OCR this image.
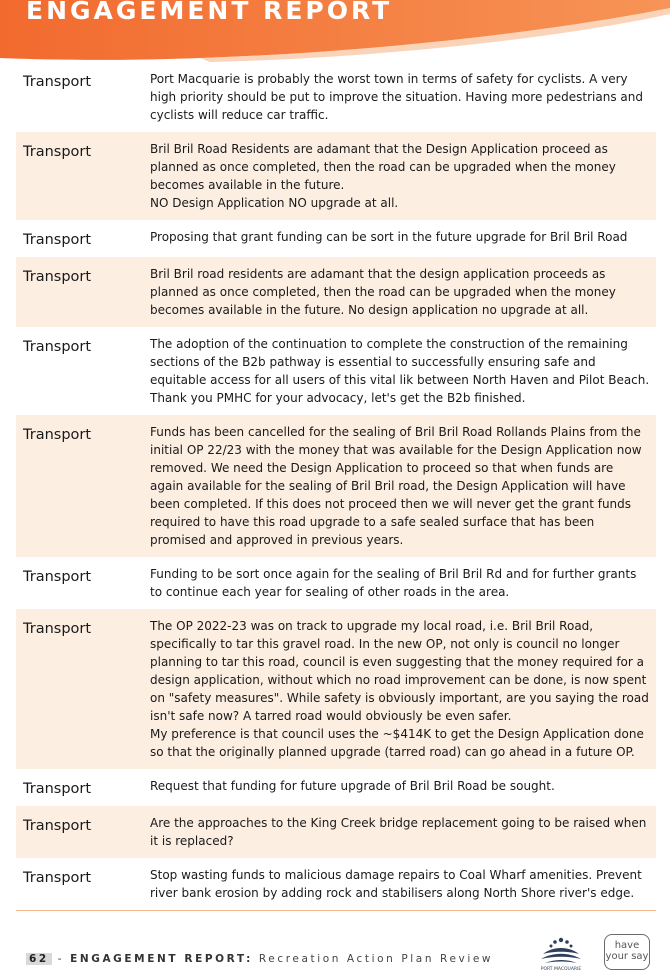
ENGAGEMENT REPORT
Transport	Port Macquarie is probably the worst town in terms of safety for cyclists. A very high priority should be put to improve the situation. Having more pedestrians and cyclists will reduce car traffic.

Transport	Bril Bril Road Residents are adamant that the Design Application proceed as planned as once completed, then the road can be upgraded when the money becomes available in the future.

NO Design Application NO upgrade at all.

Transport	Proposing that grant funding can be sort in the future upgrade for Bril Bril Road

Transport	Bril Bril road residents are adamant that the design application proceeds as planned as once completed, then the road can be upgraded when the money becomes available in the future. No design application no upgrade at all.

Transport	The adoption of the continuation to complete the construction of the remaining sections of the B2b pathway is essential to successfully ensuring safe and equitable access for all users of this vital lik between North Haven and Pilot Beach. Thank you PMHC for your advocacy, let's get the B2b finished.

Transport	Funds has been cancelled for the sealing of Bril Bril Road Rollands Plains from the initial OP 22/23 with the money that was available for the Design Application now removed. We need the Design Application to proceed so that when funds are again available for the sealing of Bril Bril road, the Design Application will have been completed. If this does not proceed then we will never get the grant funds required to have this road upgrade to a safe sealed surface that has been promised and approved in previous years.

Transport	Funding to be sort once again for the sealing of Bril Bril Rd and for further grants to continue each year for sealing of other roads in the area.

Transport	The OP 2022-23 was on track to upgrade my local road, i.e. Bril Bril Road, specifically to tar this gravel road. In the new OP, not only is council no longer planning to tar this road, council is even suggesting that the money required for a design application, without which no road improvement can be done, is now spent on "safety measures". While safety is obviously important, are you saying the road isn't safe now? A tarred road would obviously be even safer.

My preference is that council uses the ~$414K to get the Design Application done so that the originally planned upgrade (tarred road) can go ahead in a future OP.

Transport	Request that funding for future upgrade of Bril Bril Road be sought.

Transport	Are the approaches to the King Creek bridge replacement going to be raised when it is replaced?

Transport	Stop wasting funds to malicious damage repairs to Coal Wharf amenities. Prevent river bank erosion by adding rock and stabilisers along North Shore river's edge.

62 - ENGAGEMENT REPORT: Recreation Action Plan Review
PORT MACQUARIE
have
your say
